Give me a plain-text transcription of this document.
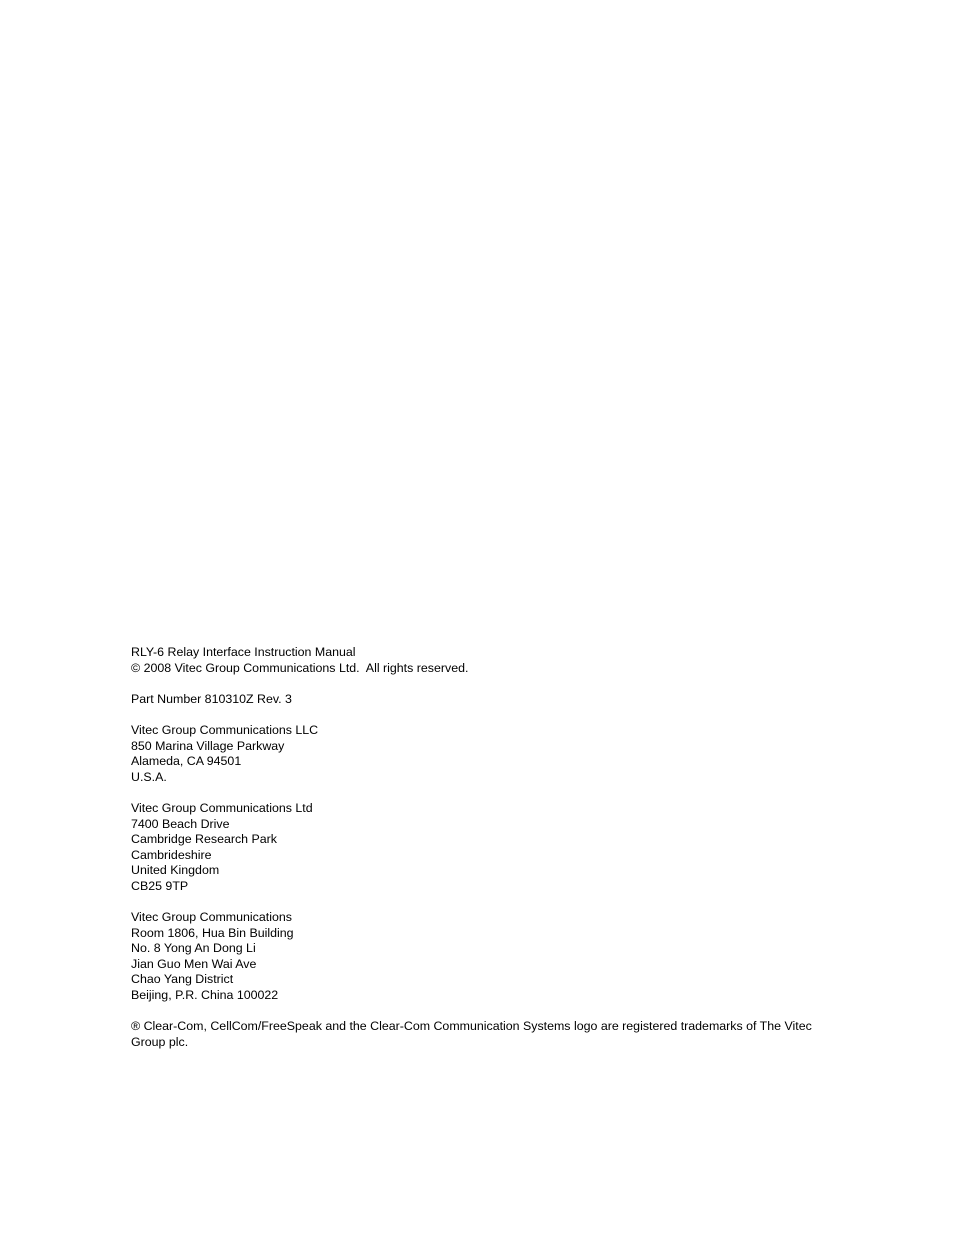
RLY-6 Relay Interface Instruction Manual
© 2008 Vitec Group Communications Ltd.  All rights reserved.
Part Number 810310Z Rev. 3
Vitec Group Communications LLC
850 Marina Village Parkway
Alameda, CA 94501
U.S.A.
Vitec Group Communications Ltd
7400 Beach Drive
Cambridge Research Park
Cambrideshire
United Kingdom
CB25 9TP
Vitec Group Communications
Room 1806, Hua Bin Building
No. 8 Yong An Dong Li
Jian Guo Men Wai Ave
Chao Yang District
Beijing, P.R. China 100022
® Clear-Com, CellCom/FreeSpeak and the Clear-Com Communication Systems logo are registered trademarks of The Vitec Group plc.
